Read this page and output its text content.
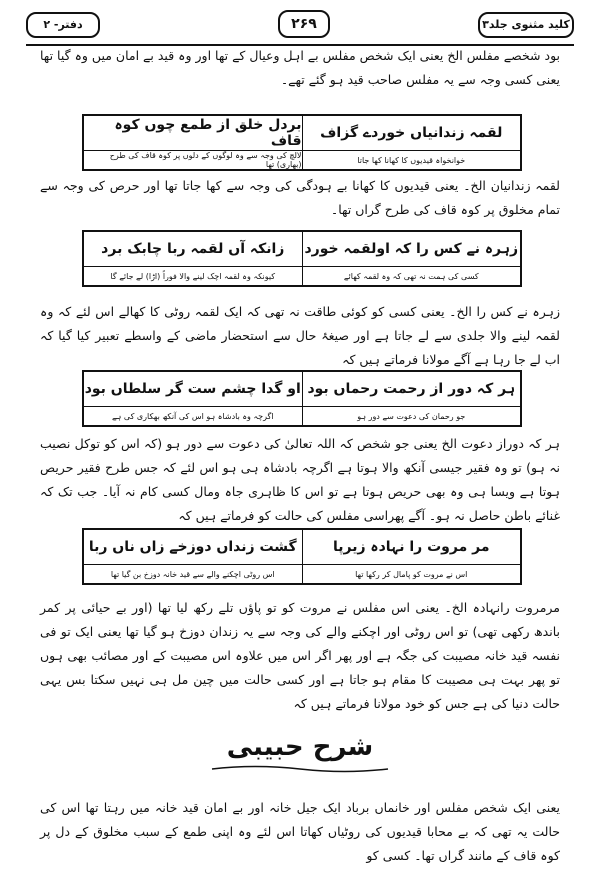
کلید مثنوی جلد۳
۲۶۹
دفتر- ۲

بود شخصے مفلس الخ یعنی ایک شخص مفلس بے اہل وعیال کے تھا اور وہ قید بے امان میں وہ گیا تھا یعنی کسی وجہ سے یہ مفلس صاحب قید ہو گئے تھے۔

لقمہ زندانیاں خوردے گزاف
بردل خلق از طمع چوں کوہ قاف
خوانخواہ قیدیوں کا کھانا کھا جاتا
لالچ کی وجہ سے وہ لوگوں کے دلوں پر کوہ قاف کی طرح (بھاری) تھا

لقمہ زندانیان الخ۔ یعنی قیدیوں کا کھانا بے ہودگی کی وجہ سے کھا جاتا تھا اور حرص کی وجہ سے تمام مخلوق پر کوہ قاف کی طرح گراں تھا۔

زہرہ نے کس را کہ اولقمہ خورد
زانکہ آں لقمہ ربا چابک برد
کسی کی ہمت نہ تھی کہ وہ لقمہ کھائے
کیونکہ وہ لقمہ اچک لینے والا فوراً (اڑا) لے جائے گا

زہرہ نے کس را الخ۔ یعنی کسی کو کوئی طاقت نہ تھی کہ ایک لقمہ روٹی کا کھالے اس لئے کہ وہ لقمہ لینے والا جلدی سے لے جاتا ہے اور صیغۂ حال سے استحضار ماضی کے واسطے تعبیر کیا گیا کہ اب لے جا رہا ہے آگے مولانا فرماتے ہیں کہ

ہر کہ دور از رحمت رحماں بود
او گدا چشم ست گر سلطاں بود
جو رحمان کی دعوت سے دور ہو
اگرچہ وہ بادشاہ ہو اس کی آنکھ بھکاری کی ہے

ہر کہ دوراز دعوت الخ یعنی جو شخص کہ اللہ تعالیٰ کی دعوت سے دور ہو (کہ اس کو توکل نصیب نہ ہو) تو وہ فقیر جیسی آنکھ والا ہوتا ہے اگرچہ بادشاہ ہی ہو اس لئے کہ جس طرح فقیر حریص ہوتا ہے ویسا ہی وہ بھی حریص ہوتا ہے تو اس کا ظاہری جاہ ومال کسی کام نہ آیا۔ جب تک کہ غنائے باطن حاصل نہ ہو۔ آگے پھراسی مفلس کی حالت کو فرماتے ہیں کہ

مر مروت را نہادہ زیرپا
گشت زنداں دوزخے زاں ناں ربا
اس نے مروت کو پامال کر رکھا تھا
اس روٹی اچکنے والے سے قید خانہ دوزخ بن گیا تھا

مرمروت رانہادہ الخ۔ یعنی اس مفلس نے مروت کو تو پاؤں تلے رکھ لیا تھا (اور بے حیائی پر کمر باندھ رکھی تھی) تو اس روٹی اور اچکنے والے کی وجہ سے یہ زندان دوزخ ہو گیا تھا یعنی ایک تو فی نفسہ قید خانہ مصیبت کی جگہ ہے اور پھر اگر اس میں علاوہ اس مصیبت کے اور مصائب بھی ہوں تو پھر بہت ہی مصیبت کا مقام ہو جاتا ہے اور کسی حالت میں چین مل ہی نہیں سکتا بس یہی حالت دنیا کی ہے جس کو خود مولانا فرماتے ہیں کہ

شرح حبیبی

یعنی ایک شخص مفلس اور خانماں برباد ایک جیل خانہ اور بے امان قید خانہ میں رہتا تھا اس کی حالت یہ تھی کہ بے محابا قیدیوں کی روٹیاں کھاتا اس لئے وہ اپنی طمع کے سبب مخلوق کے دل پر کوہ قاف کے مانند گراں تھا۔ کسی کو
